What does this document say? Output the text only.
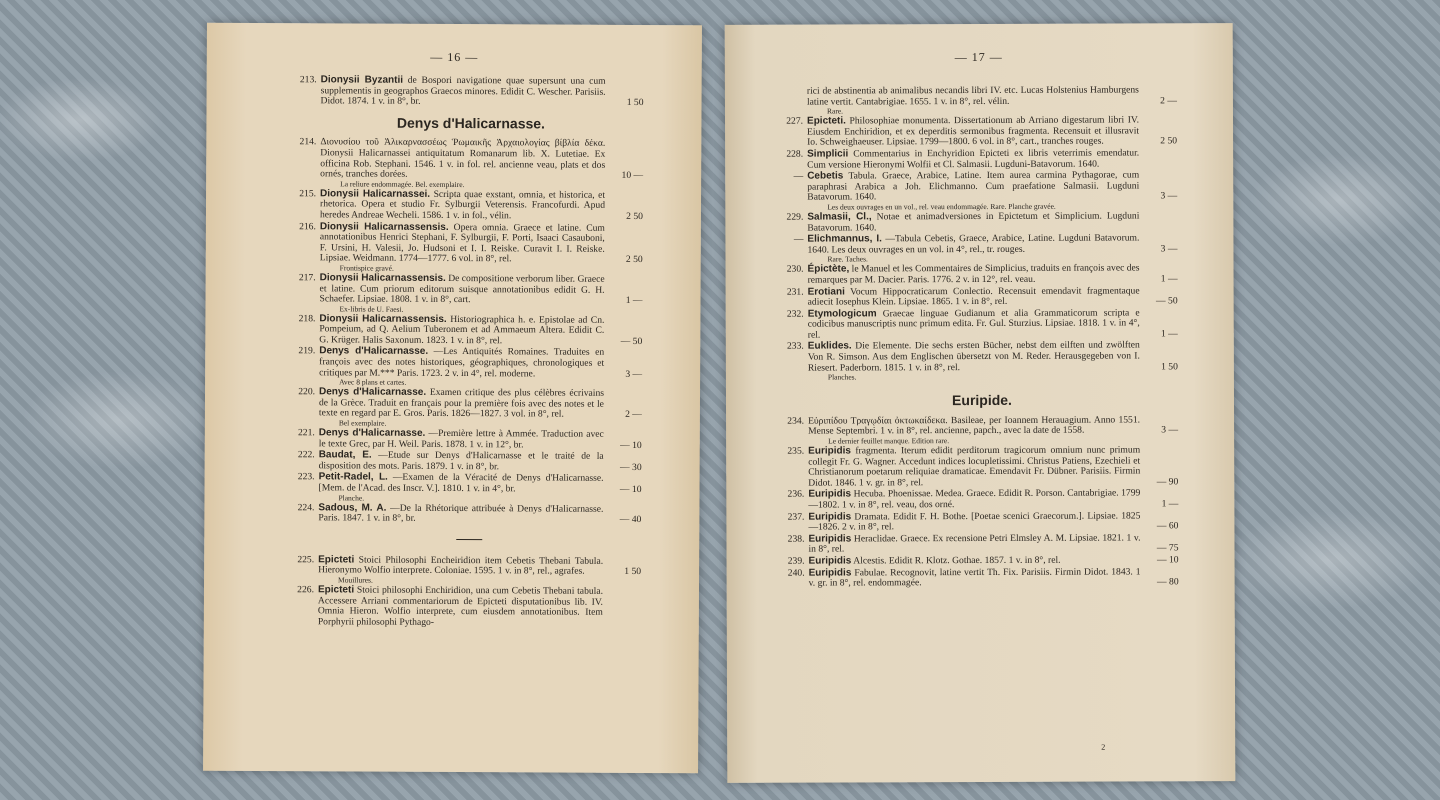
— 16 —
213. Dionysii Byzantii de Bospori navigatione quae supersunt una cum supplementis in geographos Graecos minores. Edidit C. Wescher. Parisiis. Didot. 1874. 1 v. in 8°, br.	1 50
Denys d'Halicarnasse.
214. Διονυσίου τοῦ Ἁλικαρνασσέως Ῥωμαικῆς Ἀρχαιολογίας βίβλία δέκα. Dionysii Halicarnassei antiquitatum Romanarum lib. X. Lutetiae. Ex officina Rob. Stephani. 1546. 1 v. in fol. rel. ancienne veau, plats et dos ornés, tranches dorées.	10 —
La reliure endommagée. Bel. exemplaire.
215. Dionysii Halicarnassei. Scripta quae exstant, omnia, et historica, et rhetorica. Opera et studio Fr. Sylburgii Veterensis. Francofurdi. Apud heredes Andreae Wecheli. 1586. 1 v. in fol., vélin.	2 50
216. Dionysii Halicarnassensis. Opera omnia. Graece et latine. Cum annotationibus Henrici Stephani, F. Sylburgii, F. Porti, Isaaci Casauboni, F. Ursini, H. Valesii, Jo. Hudsoni et I. I. Reiske. Curavit I. I. Reiske. Lipsiae. Weidmann. 1774—1777. 6 vol. in 8°, rel.	2 50
Frontispice gravé.
217. Dionysii Halicarnassensis. De compositione verborum liber. Graece et latine. Cum priorum editorum suisque annotationibus edidit G. H. Schaefer. Lipsiae. 1808. 1 v. in 8°, cart.	1 —
Ex-libris de U. Faesi.
218. Dionysii Halicarnassensis. Historiographica h. e. Epistolae ad Cn. Pompeium, ad Q. Aelium Tuberonem et ad Ammaeum Altera. Edidit C. G. Krüger. Halis Saxonum. 1823. 1 v. in 8°, rel.	— 50
219. Denys d'Halicarnasse. —Les Antiquités Romaines. Traduites en françois avec des notes historiques, géographiques, chronologiques et critiques par M.*** Paris. 1723. 2 v. in 4°, rel. moderne.	3 —
Avec 8 plans et cartes.
220. Denys d'Halicarnasse. Examen critique des plus célèbres écrivains de la Grèce. Traduit en français pour la première fois avec des notes et le texte en regard par E. Gros. Paris. 1826—1827. 3 vol. in 8°, rel.	2 —
Bel exemplaire.
221. Denys d'Halicarnasse. —Première lettre à Ammée. Traduction avec le texte Grec, par H. Weil. Paris. 1878. 1 v. in 12°, br.	— 10
222. Baudat, E. —Etude sur Denys d'Halicarnasse et le traité de la disposition des mots. Paris. 1879. 1 v. in 8°, br.	— 30
223. Petit-Radel, L. —Examen de la Véracité de Denys d'Halicarnasse. [Mem. de l'Acad. des Inscr. V.]. 1810. 1 v. in 4°, br.	— 10
Planche.
224. Sadous, M. A. —De la Rhétorique attribuée à Denys d'Halicarnasse. Paris. 1847. 1 v. in 8°, br.	— 40
225. Epicteti Stoici Philosophi Encheiridion item Cebetis Thebani Tabula. Hieronymo Wolfio interprete. Coloniae. 1595. 1 v. in 8°, rel., agrafes.	1 50
Mouillures.
226. Epicteti Stoici philosophi Enchiridion, una cum Cebetis Thebani tabula. Accessere Arriani commentariorum de Epicteti disputationibus lib. IV. Omnia Hieron. Wolfio interprete, cum eiusdem annotationibus. Item Porphyrii philosophi Pythago-
— 17 —
rici de abstinentia ab animalibus necandis libri IV. etc. Lucas Holstenius Hamburgens latine vertit. Cantabrigiae. 1655. 1 v. in 8°, rel. vélin.	2 —
Rare.
227. Epicteti. Philosophiae monumenta. Dissertationum ab Arriano digestarum libri IV. Eiusdem Enchiridion, et ex deperditis sermonibus fragmenta. Recensuit et illusravit Io. Schweighaeuser. Lipsiae. 1799—1800. 6 vol. in 8°, cart., tranches rouges.	2 50
228. Simplicii Commentarius in Enchyridion Epicteti ex libris veterrimis emendatur. Cum versione Hieronymi Wolfii et Cl. Salmasii. Lugduni-Batavorum. 1640.
— Cebetis Tabula. Graece, Arabice, Latine. Item aurea carmina Pythagorae, cum paraphrasi Arabica a Joh. Elichmanno. Cum praefatione Salmasii. Lugduni Batavorum. 1640.	3 —
Les deux ouvrages en un vol., rel. veau endommagée. Rare. Planche gravée.
229. Salmasii, Cl., Notae et animadversiones in Epictetum et Simplicium. Lugduni Batavorum. 1640.
— Elichmannus, I. —Tabula Cebetis, Graece, Arabice, Latine. Lugduni Batavorum. 1640. Les deux ouvrages en un vol. in 4°, rel., tr. rouges.	3 —
Rare. Taches.
230. Épictète, le Manuel et les Commentaires de Simplicius, traduits en françois avec des remarques par M. Dacier. Paris. 1776. 2 v. in 12°, rel. veau.	1 —
231. Erotiani Vocum Hippocraticarum Conlectio. Recensuit emendavit fragmentaque adiecit Iosephus Klein. Lipsiae. 1865. 1 v. in 8°, rel.	— 50
232. Etymologicum Graecae linguae Gudianum et alia Grammaticorum scripta e codicibus manuscriptis nunc primum edita. Fr. Gul. Sturzius. Lipsiae. 1818. 1 v. in 4°, rel.	1 —
233. Euklides. Die Elemente. Die sechs ersten Bücher, nebst dem eilften und zwölften Von R. Simson. Aus dem Englischen übersetzt von M. Reder. Herausgegeben von I. Riesert. Paderborn. 1815. 1 v. in 8°, rel.	1 50
Planches.
Euripide.
234. Εὐριπίδου Τραγῳδίαι ὀκτωκαίδεκα. Basileae, per Ioannem Herauagium. Anno 1551. Mense Septembri. 1 v. in 8°, rel. ancienne, papch., avec la date de 1558.	3 —
Le dernier feuillet manque. Edition rare.
235. Euripidis fragmenta. Iterum edidit perditorum tragicorum omnium nunc primum collegit Fr. G. Wagner. Accedunt indices locupletissimi. Christus Patiens, Ezechieli et Christianorum poetarum reliquiae dramaticae. Emendavit Fr. Dübner. Parisiis. Firmin Didot. 1846. 1 v. gr. in 8°, rel.	— 90
236. Euripidis Hecuba. Phoenissae. Medea. Graece. Edidit R. Porson. Cantabrigiae. 1799—1802. 1 v. in 8°, rel. veau, dos orné.	1 —
237. Euripidis Dramata. Edidit F. H. Bothe. [Poetae scenici Graecorum.]. Lipsiae. 1825—1826. 2 v. in 8°, rel.	— 60
238. Euripidis Heraclidae. Graece. Ex recensione Petri Elmsley A. M. Lipsiae. 1821. 1 v. in 8°, rel.	— 75
239. Euripidis Alcestis. Edidit R. Klotz. Gothae. 1857. 1 v. in 8°, rel.	— 10
240. Euripidis Fabulae. Recognovit, latine vertit Th. Fix. Parisiis. Firmin Didot. 1843. 1 v. gr. in 8°, rel. endommagée.	— 80
2
